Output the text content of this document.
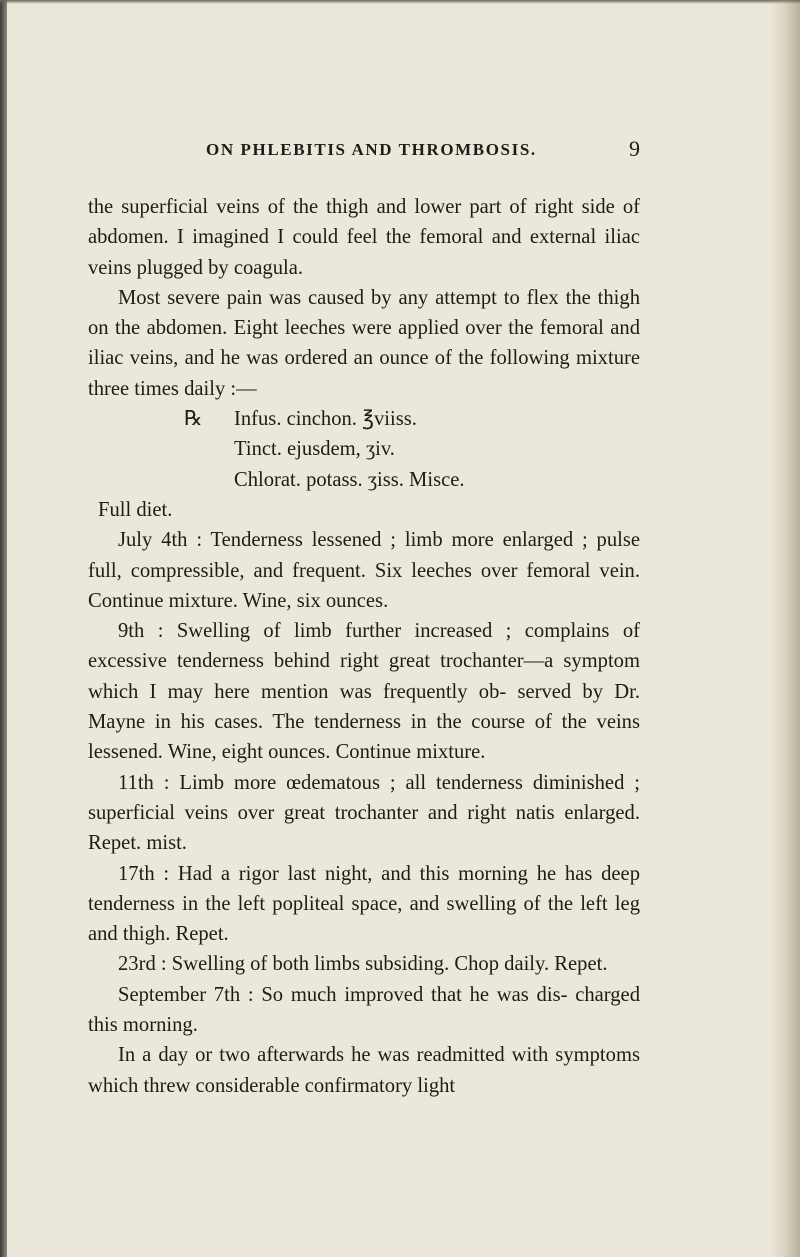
ON PHLEBITIS AND THROMBOSIS.	9

the superficial veins of the thigh and lower part of right side of abdomen. I imagined I could feel the femoral and external iliac veins plugged by coagula.

Most severe pain was caused by any attempt to flex the thigh on the abdomen. Eight leeches were applied over the femoral and iliac veins, and he was ordered an ounce of the following mixture three times daily :—

℞ Infus. cinchon. ℥viiss.

Tinct. ejusdem, ʒiv.

Chlorat. potass. ʒiss. Misce.

Full diet.

July 4th : Tenderness lessened ; limb more enlarged ; pulse full, compressible, and frequent. Six leeches over femoral vein. Continue mixture. Wine, six ounces.

9th : Swelling of limb further increased ; complains of excessive tenderness behind right great trochanter—a symptom which I may here mention was frequently ob- served by Dr. Mayne in his cases. The tenderness in the course of the veins lessened. Wine, eight ounces. Continue mixture.

11th : Limb more œdematous ; all tenderness diminished ; superficial veins over great trochanter and right natis enlarged. Repet. mist.

17th : Had a rigor last night, and this morning he has deep tenderness in the left popliteal space, and swelling of the left leg and thigh. Repet.

23rd : Swelling of both limbs subsiding. Chop daily. Repet.

September 7th : So much improved that he was dis- charged this morning.

In a day or two afterwards he was readmitted with symptoms which threw considerable confirmatory light
